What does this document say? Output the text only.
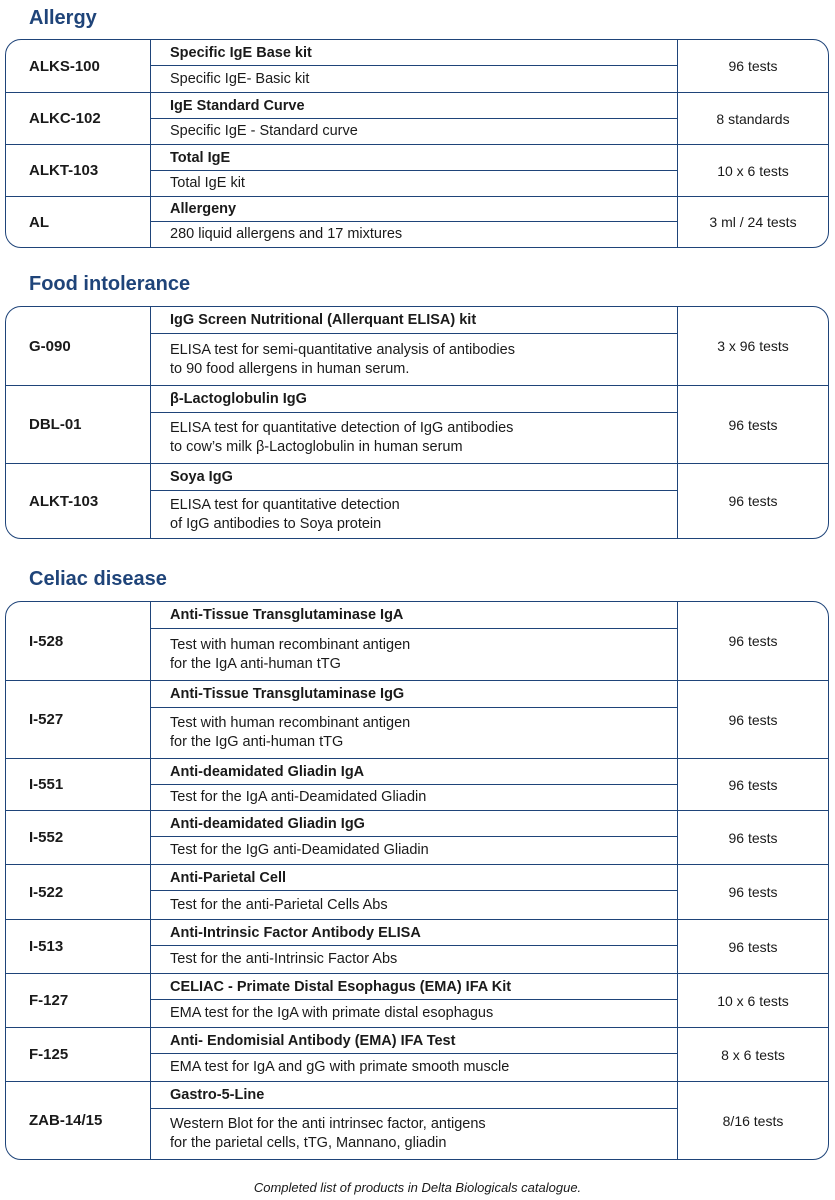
Allergy
ALKS-100
Specific IgE Base kit
Specific IgE- Basic kit
96 tests
ALKC-102
IgE Standard Curve
Specific IgE - Standard curve
8 standards
ALKT-103
Total IgE
Total IgE kit
10 x 6 tests
AL
Allergeny
280 liquid allergens and 17 mixtures
3 ml / 24 tests
Food intolerance
G-090
IgG Screen Nutritional (Allerquant ELISA) kit
ELISA test for semi-quantitative analysis of antibodies
to 90 food allergens in human serum.
3 x 96 tests
DBL-01
β-Lactoglobulin IgG
ELISA test for quantitative detection of IgG antibodies
to cow’s milk β-Lactoglobulin in human serum
96 tests
ALKT-103
Soya IgG
ELISA test for quantitative detection
of IgG antibodies to Soya protein
96 tests
Celiac disease
I-528
Anti-Tissue Transglutaminase IgA
Test with human recombinant antigen
for the IgA anti-human tTG
96 tests
I-527
Anti-Tissue Transglutaminase IgG
Test with human recombinant antigen
for the IgG anti-human tTG
96 tests
I-551
Anti-deamidated Gliadin IgA
Test for the IgA anti-Deamidated Gliadin
96 tests
I-552
Anti-deamidated Gliadin IgG
Test for the IgG anti-Deamidated Gliadin
96 tests
I-522
Anti-Parietal Cell
Test for the anti-Parietal Cells Abs
96 tests
I-513
Anti-Intrinsic Factor Antibody ELISA
Test for the anti-Intrinsic Factor Abs
96 tests
F-127
CELIAC - Primate Distal Esophagus (EMA) IFA Kit
EMA test for the IgA with primate distal esophagus
10 x 6 tests
F-125
Anti- Endomisial Antibody (EMA) IFA Test
EMA test for IgA and gG with primate smooth muscle
8 x 6 tests
ZAB-14/15
Gastro-5-Line
Western Blot for the anti intrinsec factor, antigens
for the parietal cells, tTG, Mannano, gliadin
8/16 tests
Completed list of products in Delta Biologicals catalogue.
